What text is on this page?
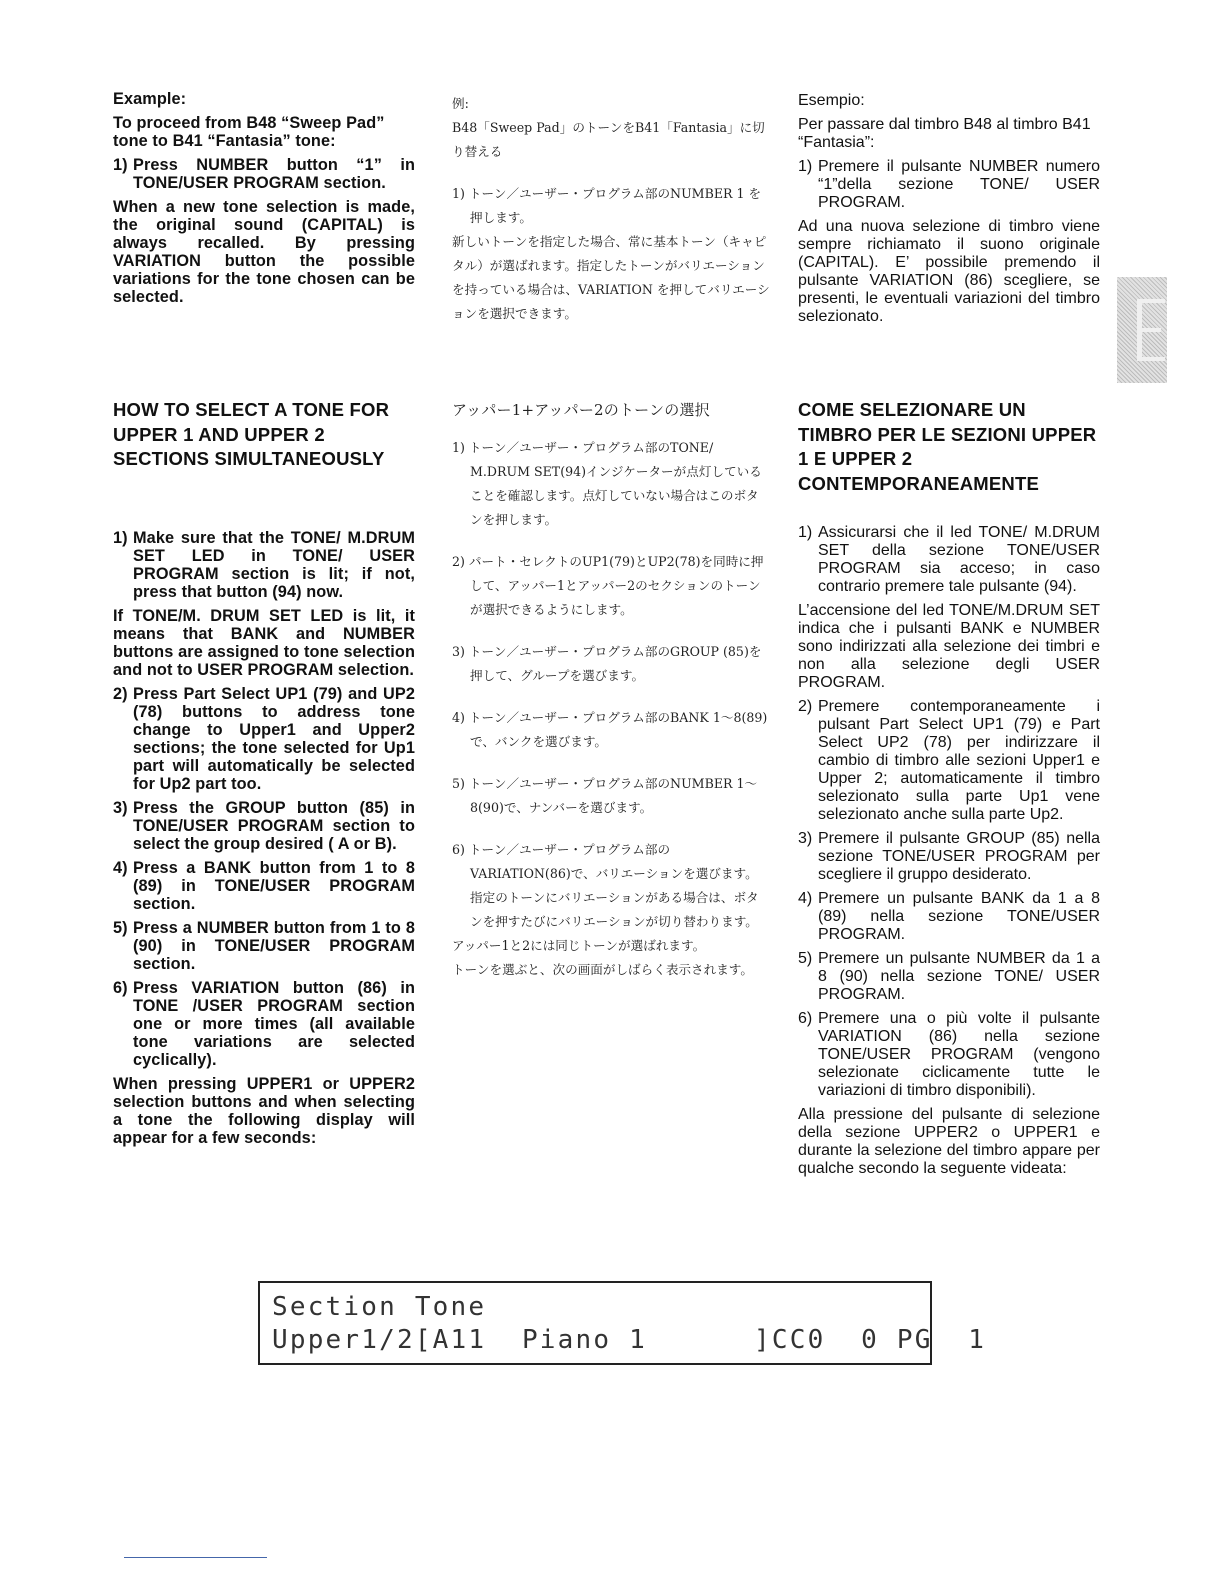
Example:

To proceed from B48 “Sweep Pad” tone to B41 “Fantasia” tone:

1) Press NUMBER button “1” in TONE/USER PROGRAM section.

When a new tone selection is made, the original sound (CAPITAL) is always recalled. By pressing VARIATION button the possible variations for the tone chosen can be selected.

HOW TO SELECT A TONE FOR UPPER 1 AND UPPER 2 SECTIONS SIMULTANEOUSLY

1) Make sure that the TONE/ M.DRUM SET LED in TONE/ USER PROGRAM section is lit; if not, press that button (94) now.

If TONE/M. DRUM SET LED is lit, it means that BANK and NUMBER buttons are assigned to tone selection and not to USER PROGRAM selection.

2) Press Part Select UP1 (79) and UP2 (78) buttons to address tone change to Upper1 and Upper2 sections; the tone selected for Up1 part will automatically be selected for Up2 part too.
3) Press the GROUP button (85) in TONE/USER PROGRAM section to select the group desired ( A or B).
4) Press a BANK button from 1 to 8 (89) in TONE/USER PROGRAM section.
5) Press a NUMBER button from 1 to 8 (90) in TONE/USER PROGRAM section.
6) Press VARIATION button (86) in TONE /USER PROGRAM section one or more times (all available tone variations are selected cyclically).

When pressing UPPER1 or UPPER2 selection buttons and when selecting a tone the following display will appear for a few seconds:

例:

B48「Sweep Pad」のトーンをB41「Fantasia」に切り替える

1) トーン／ユーザー・プログラム部のNUMBER 1 を押します。

新しいトーンを指定した場合、常に基本トーン（キャピタル）が選ばれます。指定したトーンがバリエーションを持っている場合は、VARIATION を押してバリエーションを選択できます。

アッパー1+アッパー2のトーンの選択

1) トーン／ユーザー・プログラム部のTONE/ M.DRUM SET(94)インジケーターが点灯していることを確認します。点灯していない場合はこのボタンを押します。

2) パート・セレクトのUP1(79)とUP2(78)を同時に押して、アッパー1とアッパー2のセクションのトーンが選択できるようにします。

3) トーン／ユーザー・プログラム部のGROUP (85)を押して、グループを選びます。

4) トーン／ユーザー・プログラム部のBANK 1～8(89)で、バンクを選びます。

5) トーン／ユーザー・プログラム部のNUMBER 1～8(90)で、ナンバーを選びます。

6) トーン／ユーザー・プログラム部の VARIATION(86)で、バリエーションを選びます。指定のトーンにバリエーションがある場合は、ボタンを押すたびにバリエーションが切り替わります。

アッパー1と2には同じトーンが選ばれます。

トーンを選ぶと、次の画面がしばらく表示されます。

Esempio:

Per passare dal timbro B48 al timbro B41 “Fantasia”:

1) Premere il pulsante NUMBER numero “1”della sezione TONE/ USER PROGRAM.

Ad una nuova selezione di timbro viene sempre richiamato il suono originale (CAPITAL). E’ possibile premendo il pulsante VARIATION (86) scegliere, se presenti, le eventuali variazioni del timbro selezionato.

COME SELEZIONARE UN TIMBRO PER LE SEZIONI UPPER 1 E UPPER 2 CONTEMPORANEAMENTE

1) Assicurarsi che il led TONE/ M.DRUM SET della sezione TONE/USER PROGRAM sia acceso; in caso contrario premere tale pulsante (94).

L’accensione del led TONE/M.DRUM SET indica che i pulsanti BANK e NUMBER sono indirizzati alla selezione dei timbri e non alla selezione degli USER PROGRAM.

2) Premere contemporaneamente i pulsant Part Select UP1 (79) e Part Select UP2 (78) per indirizzare il cambio di timbro alle sezioni Upper1 e Upper 2; automaticamente il timbro selezionato sulla parte Up1 vene selezionato anche sulla parte Up2.
3) Premere il pulsante GROUP (85) nella sezione TONE/USER PROGRAM per scegliere il gruppo desiderato.
4) Premere un pulsante BANK da 1 a 8 (89) nella sezione TONE/USER PROGRAM.
5) Premere un pulsante NUMBER da 1 a 8 (90) nella sezione TONE/ USER PROGRAM.
6) Premere una o più volte il pulsante VARIATION (86) nella sezione TONE/USER PROGRAM (vengono selezionate ciclicamente tutte le variazioni di timbro disponibili).

Alla pressione del pulsante di selezione della sezione UPPER2 o UPPER1 e durante la selezione del timbro appare per qualche secondo la seguente videata:

Section Tone
Upper1/2[A11  Piano 1      ]CC0  0 PG  1
